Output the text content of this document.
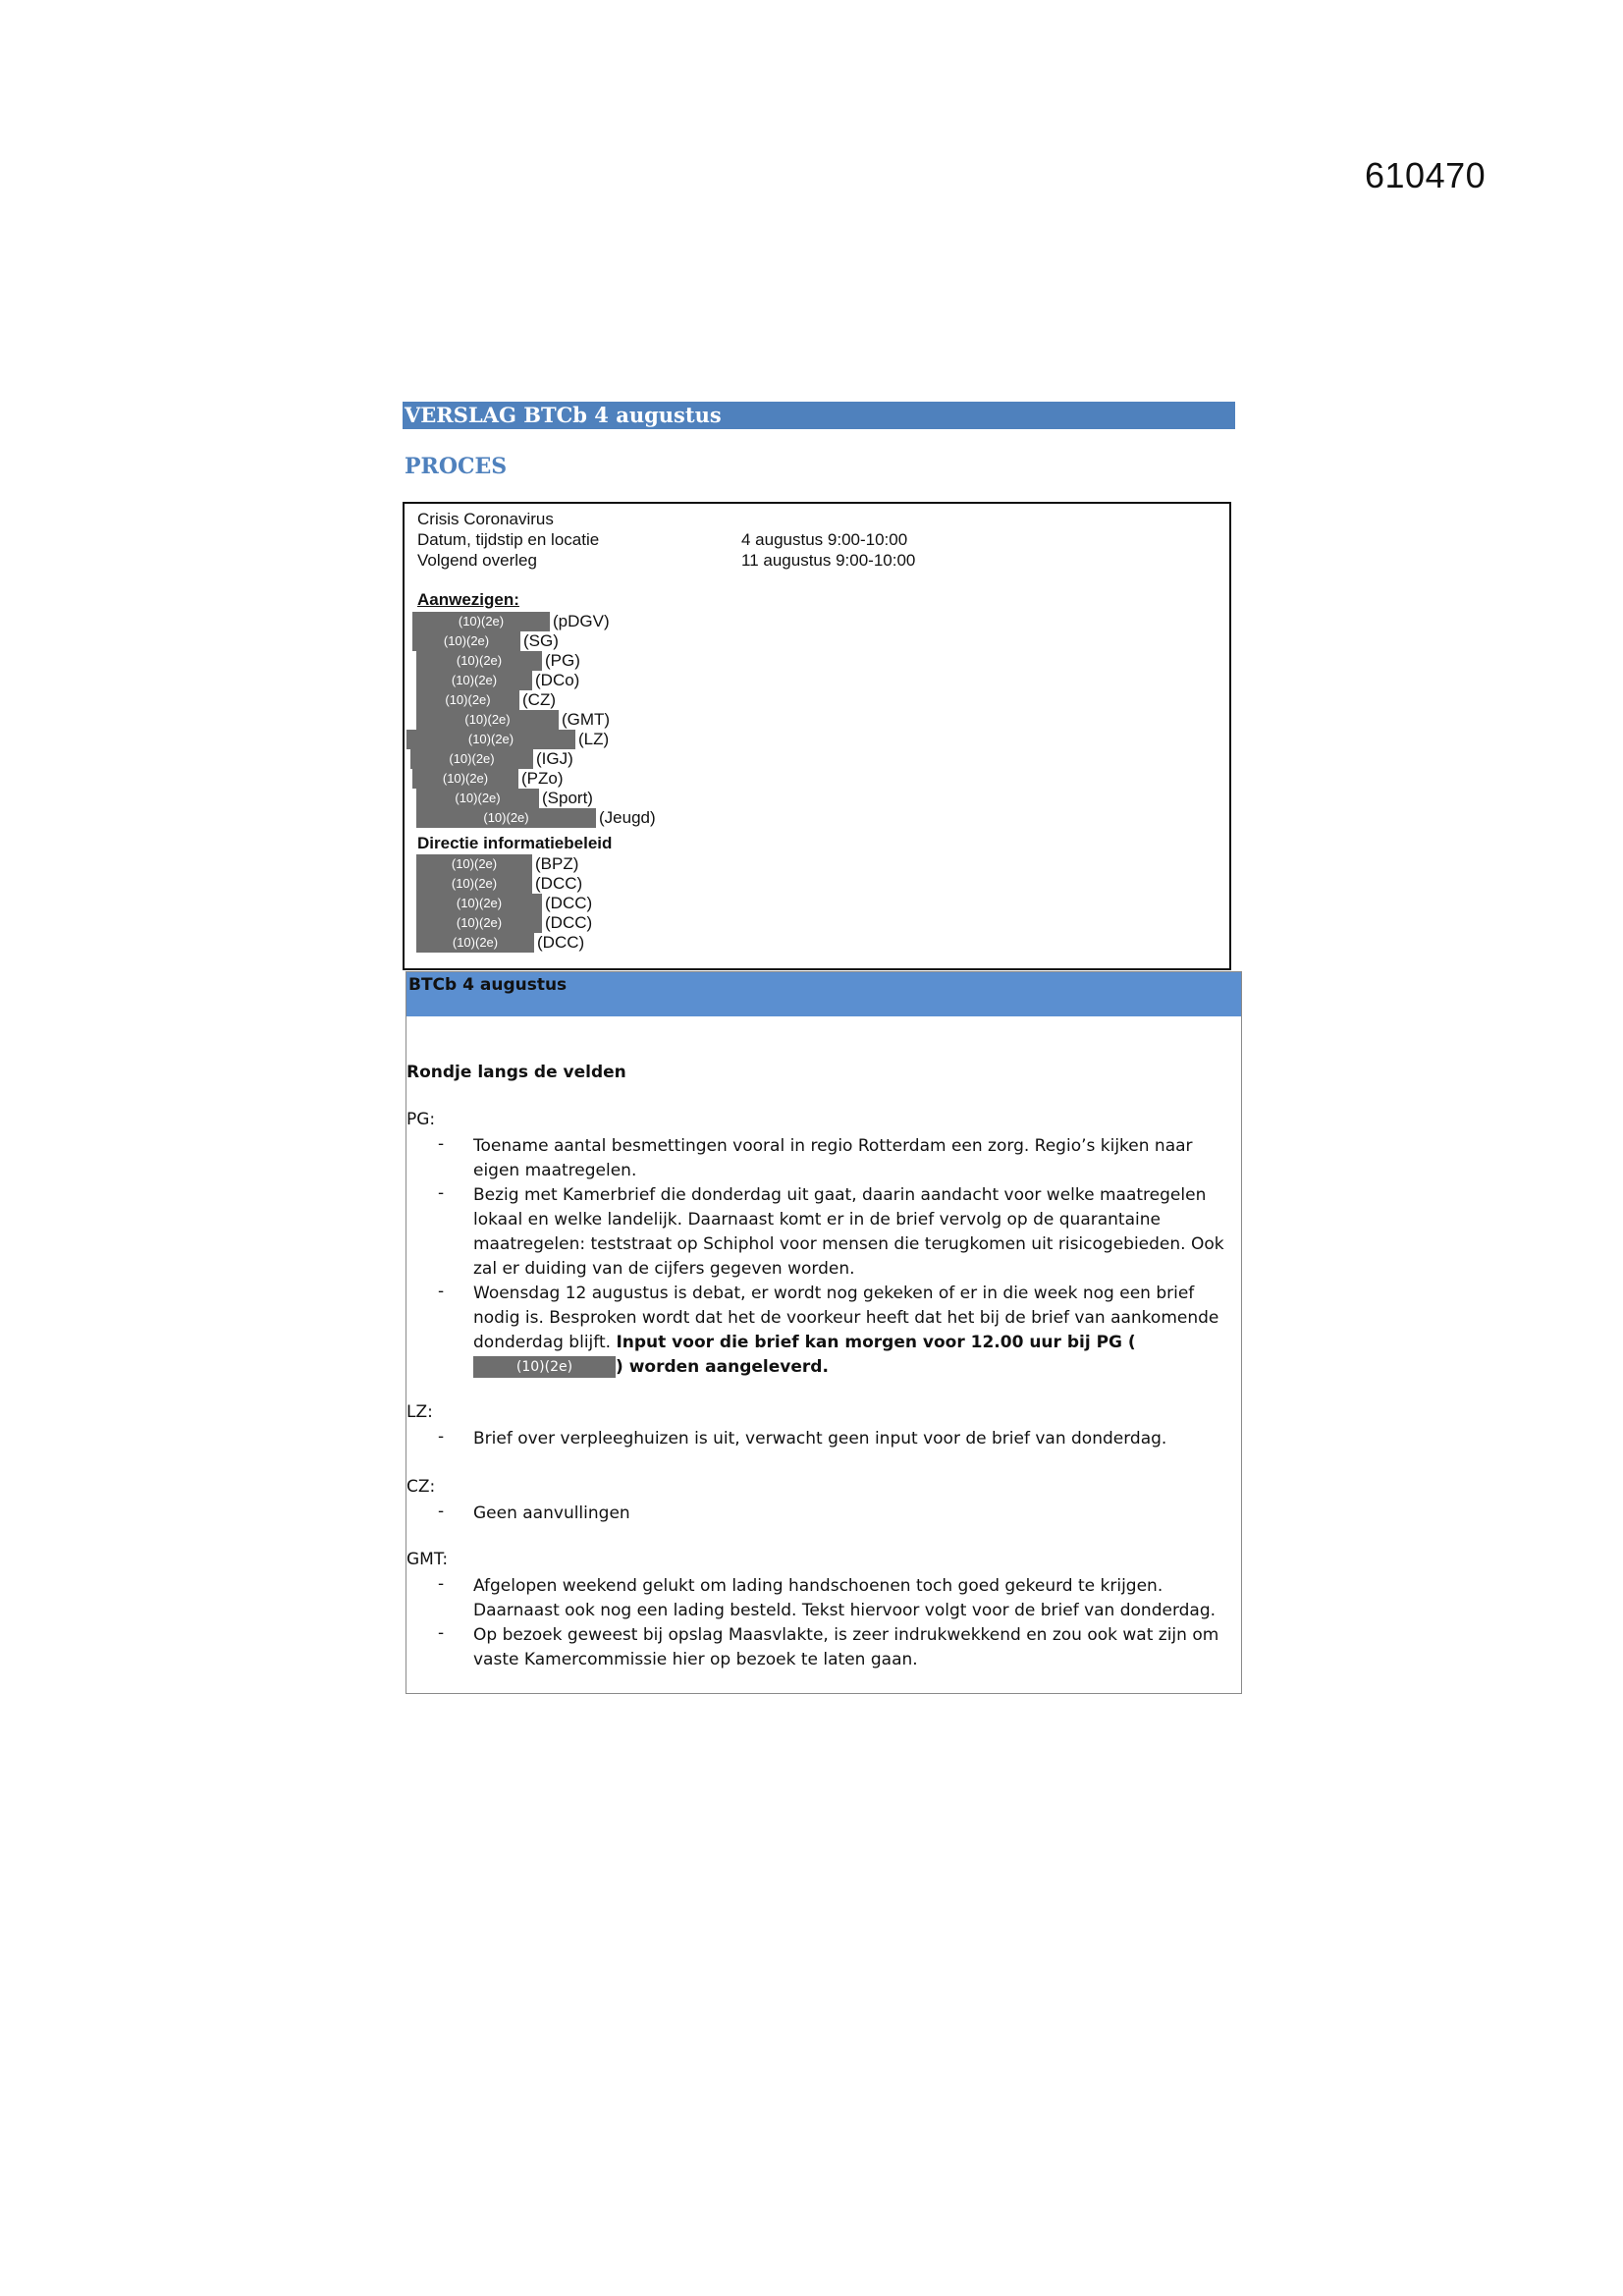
610470
VERSLAG BTCb 4 augustus
PROCES
Crisis Coronavirus
Datum, tijdstip en locatie	4 augustus 9:00-10:00
Volgend overleg	11 augustus 9:00-10:00
Aanwezigen:
(10)(2e)	(pDGV)
(10)(2e)	(SG)
(10)(2e)	(PG)
(10)(2e)	(DCo)
(10)(2e)	(CZ)
(10)(2e)	(GMT)
(10)(2e)	(LZ)
(10)(2e)	(IGJ)
(10)(2e)	(PZo)
(10)(2e)	(Sport)
(10)(2e)	(Jeugd)
Directie informatiebeleid
(10)(2e)	(BPZ)
(10)(2e)	(DCC)
(10)(2e)	(DCC)
(10)(2e)	(DCC)
(10)(2e)	(DCC)
BTCb 4 augustus
Rondje langs de velden
PG:
- Toename aantal besmettingen vooral in regio Rotterdam een zorg. Regio’s kijken naar eigen maatregelen.
- Bezig met Kamerbrief die donderdag uit gaat, daarin aandacht voor welke maatregelen lokaal en welke landelijk. Daarnaast komt er in de brief vervolg op de quarantaine maatregelen: teststraat op Schiphol voor mensen die terugkomen uit risicogebieden. Ook zal er duiding van de cijfers gegeven worden.
- Woensdag 12 augustus is debat, er wordt nog gekeken of er in die week nog een brief nodig is. Besproken wordt dat het de voorkeur heeft dat het bij de brief van aankomende donderdag blijft. Input voor die brief kan morgen voor 12.00 uur bij PG ((10)(2e)	) worden aangeleverd.
LZ:
- Brief over verpleeghuizen is uit, verwacht geen input voor de brief van donderdag.
CZ:
- Geen aanvullingen
GMT:
- Afgelopen weekend gelukt om lading handschoenen toch goed gekeurd te krijgen. Daarnaast ook nog een lading besteld. Tekst hiervoor volgt voor de brief van donderdag.
- Op bezoek geweest bij opslag Maasvlakte, is zeer indrukwekkend en zou ook wat zijn om vaste Kamercommissie hier op bezoek te laten gaan.
